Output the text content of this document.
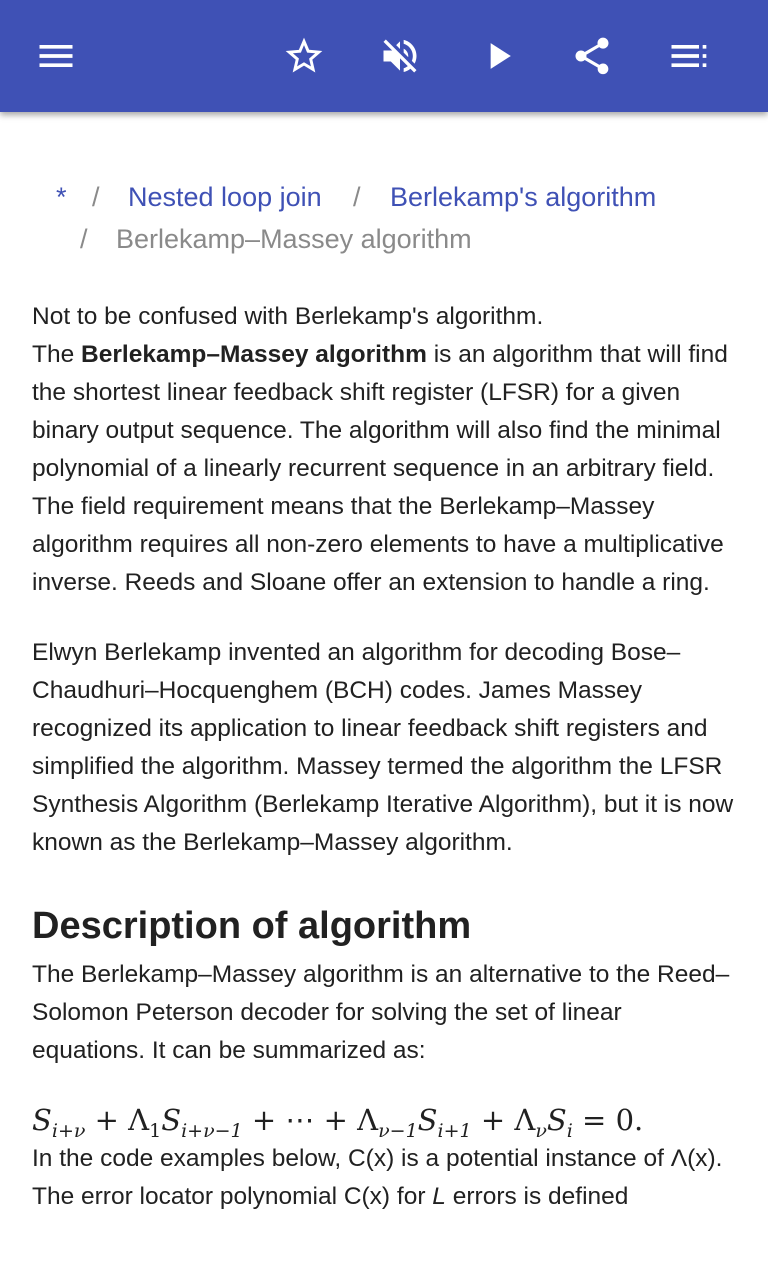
* / Nested loop join / Berlekamp's algorithm
/ Berlekamp–Massey algorithm

Not to be confused with Berlekamp's algorithm.

The Berlekamp–Massey algorithm is an algorithm that will find the shortest linear feedback shift register (LFSR) for a given binary output sequence. The algorithm will also find the minimal polynomial of a linearly recurrent sequence in an arbitrary field. The field requirement means that the Berlekamp–Massey algorithm requires all non-zero elements to have a multiplicative inverse. Reeds and Sloane offer an extension to handle a ring.

Elwyn Berlekamp invented an algorithm for decoding Bose–Chaudhuri–Hocquenghem (BCH) codes. James Massey recognized its application to linear feedback shift registers and simplified the algorithm. Massey termed the algorithm the LFSR Synthesis Algorithm (Berlekamp Iterative Algorithm), but it is now known as the Berlekamp–Massey algorithm.

Description of algorithm

The Berlekamp–Massey algorithm is an alternative to the Reed–Solomon Peterson decoder for solving the set of linear equations. It can be summarized as:

$S_{i+\nu} + \Lambda_1S_{i+\nu-1}$ + ⋯ + $\Lambda_{\nu-1}S_{i+1} + \Lambda_\nu S_i = 0$.

In the code examples below, C(x) is a potential instance of Λ(x). The error locator polynomial C(x) for L errors is defined
